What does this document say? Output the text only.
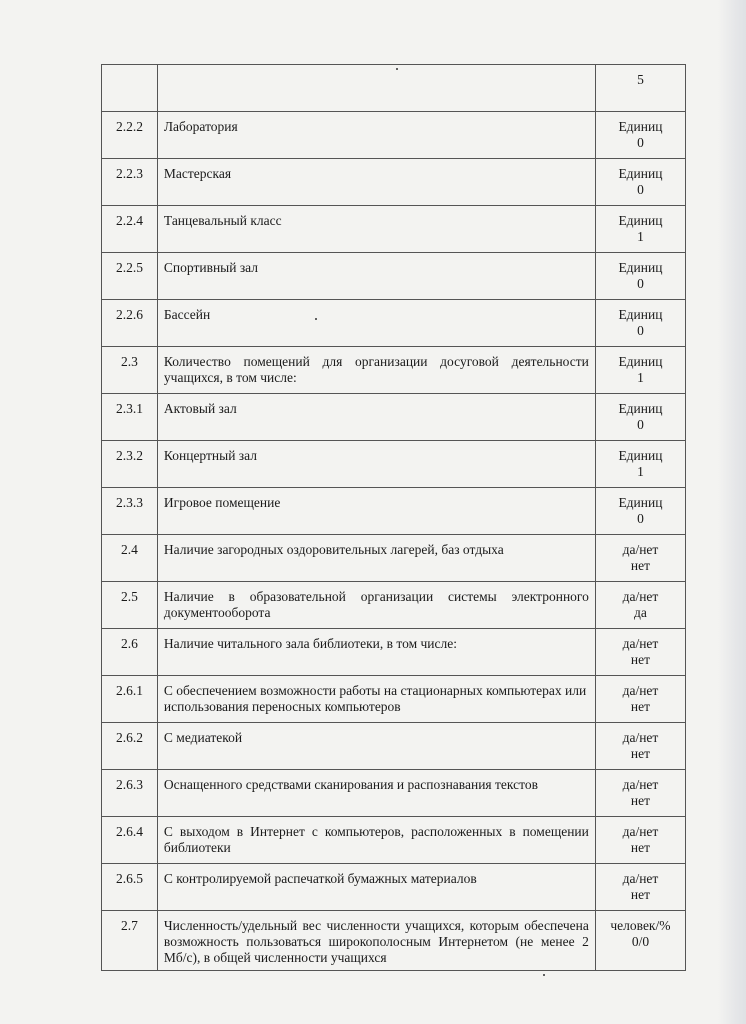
		5

2.2.2	Лаборатория	Единиц
0

2.2.3	Мастерская	Единиц
0

2.2.4	Танцевальный класс	Единиц
1

2.2.5	Спортивный зал	Единиц
0

2.2.6	Бассейн	Единиц
0

2.3	Количество помещений для организации досуговой деятельности учащихся, в том числе:	Единиц
1

2.3.1	Актовый зал	Единиц
0

2.3.2	Концертный зал	Единиц
1

2.3.3	Игровое помещение	Единиц
0

2.4	Наличие загородных оздоровительных лагерей, баз отдыха	да/нет
нет

2.5	Наличие в образовательной организации системы электронного документооборота	да/нет
да

2.6	Наличие читального зала библиотеки, в том числе:	да/нет
нет

2.6.1	С обеспечением возможности работы на стационарных компьютерах или использования переносных компьютеров	да/нет
нет

2.6.2	С медиатекой	да/нет
нет

2.6.3	Оснащенного средствами сканирования и распознавания текстов	да/нет
нет

2.6.4	С выходом в Интернет с компьютеров, расположенных в помещении библиотеки	да/нет
нет

2.6.5	С контролируемой распечаткой бумажных материалов	да/нет
нет

2.7	Численность/удельный вес численности учащихся, которым обеспечена возможность пользоваться широкополосным Интернетом (не менее 2 Мб/с), в общей численности учащихся	человек/%
0/0
